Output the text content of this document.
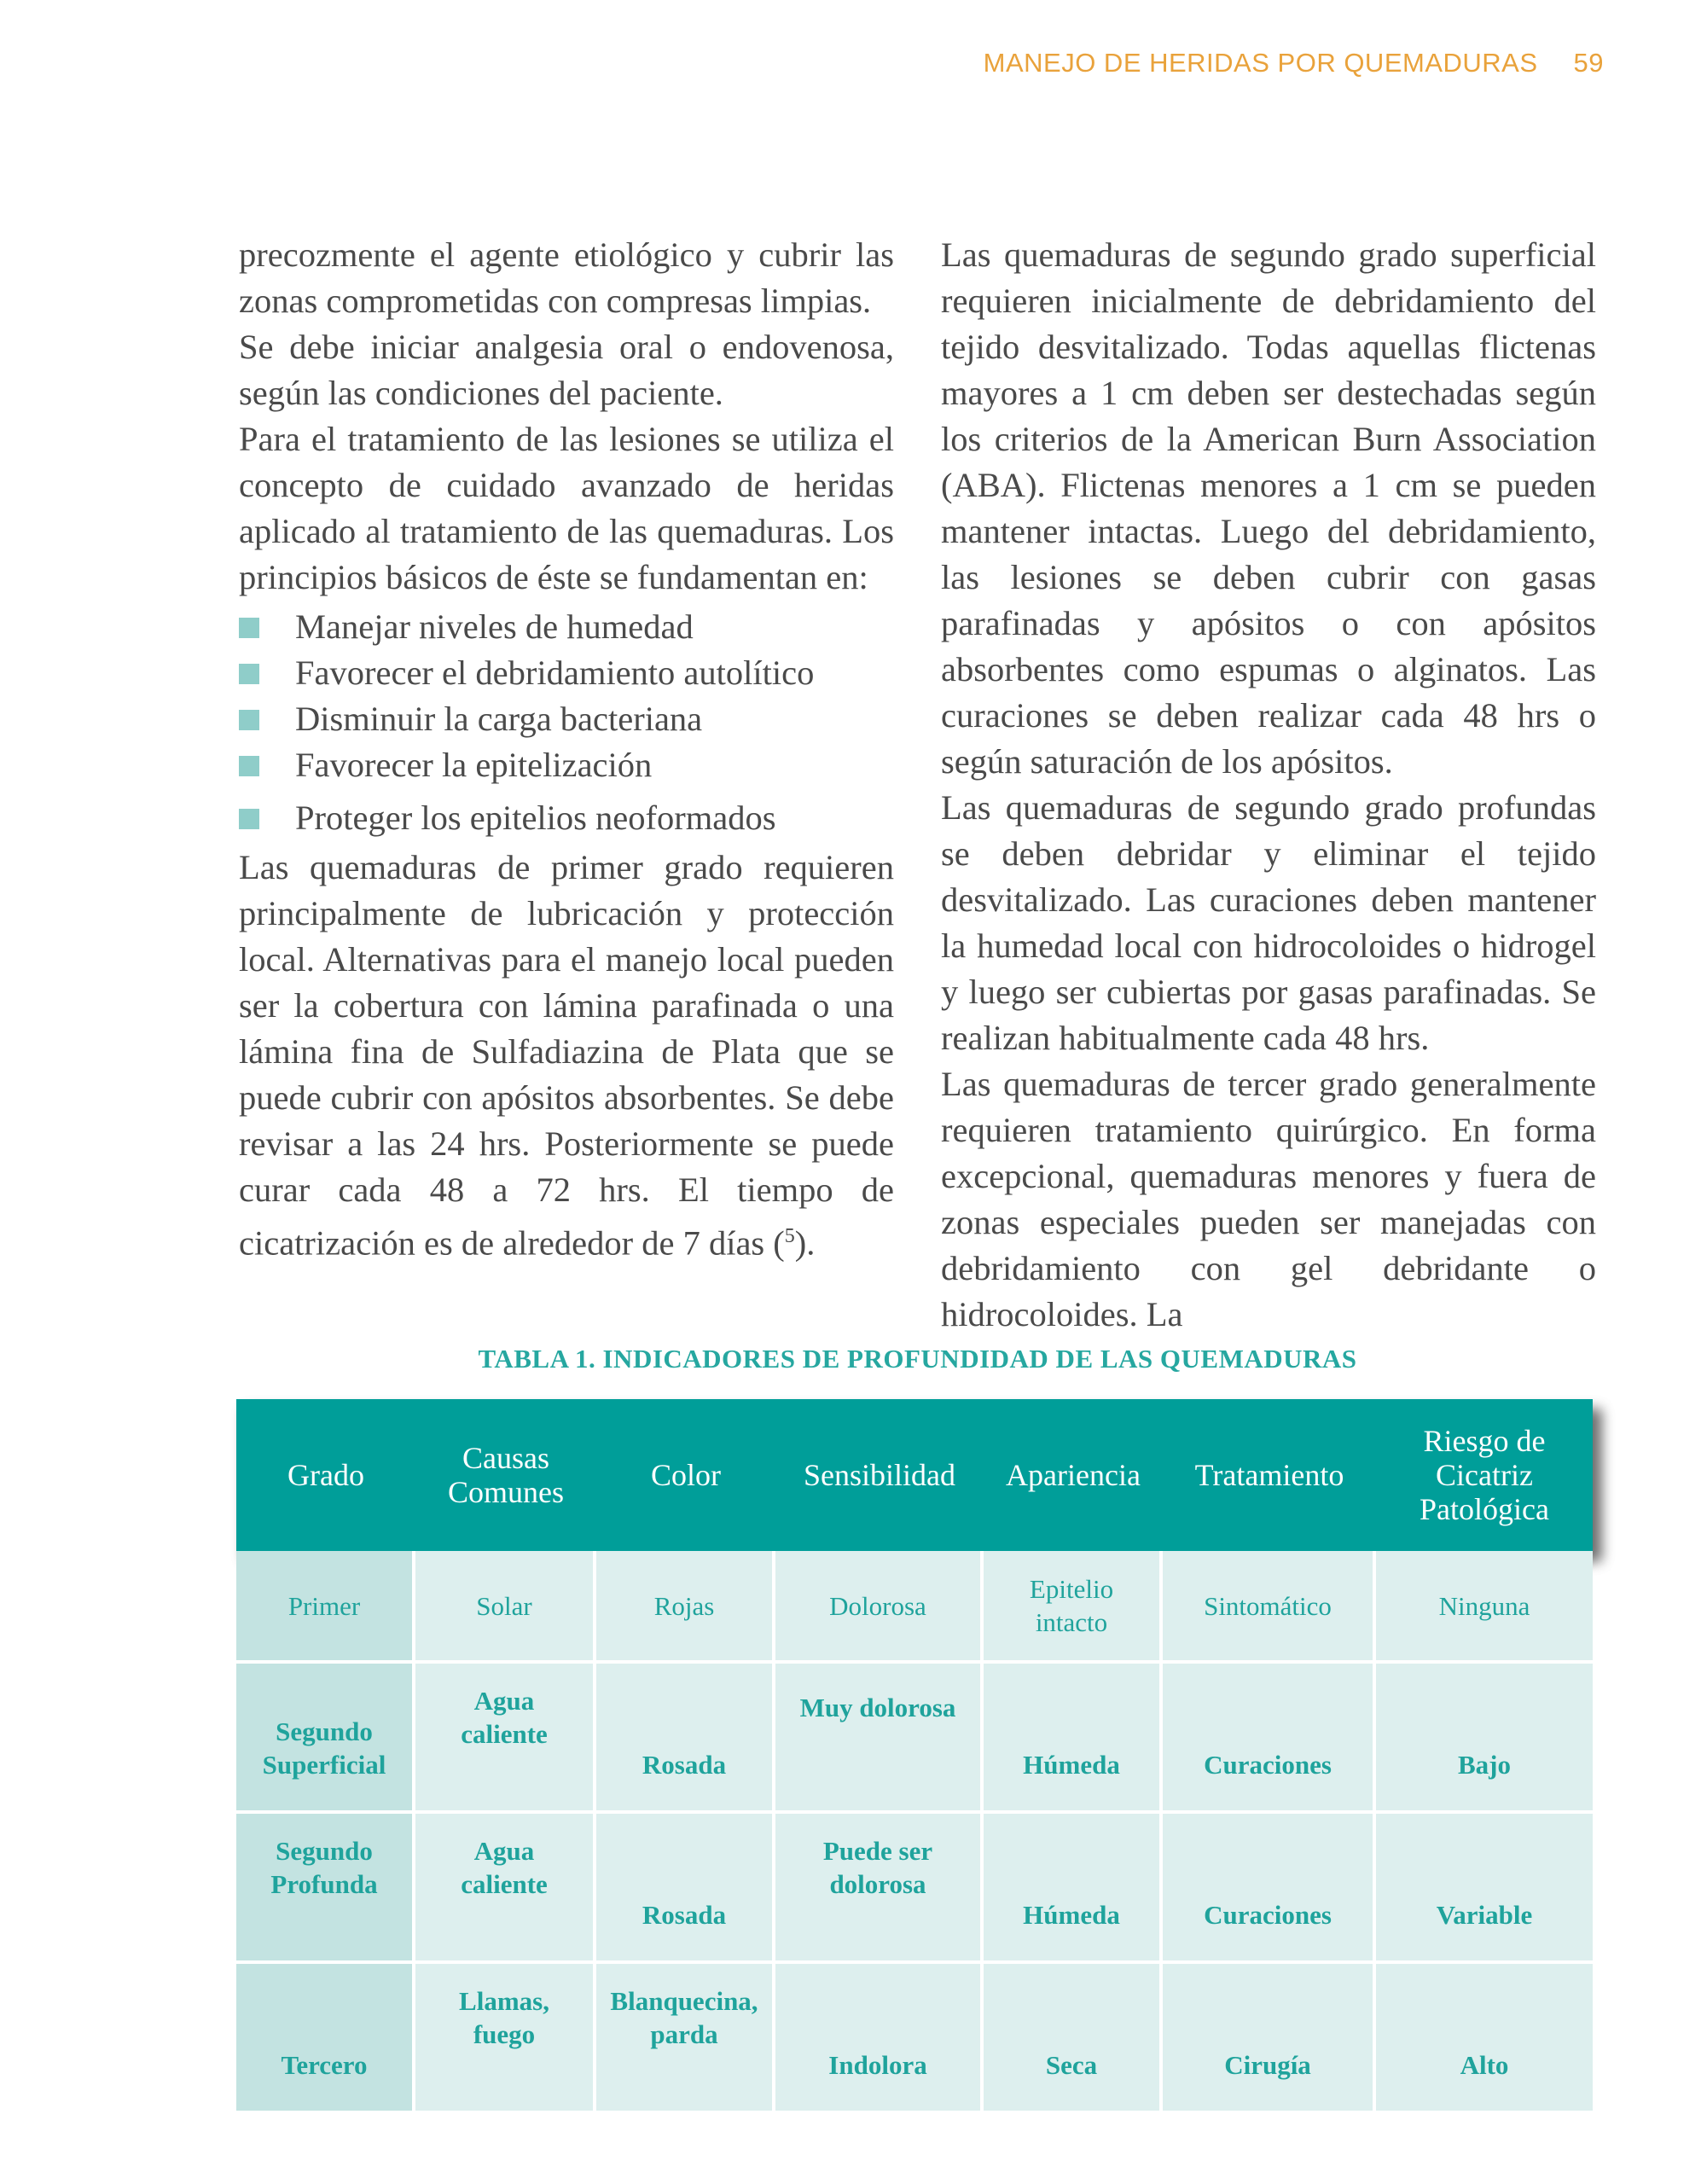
MANEJO DE HERIDAS POR QUEMADURAS 59

precozmente el agente etiológico y cubrir las zonas comprometidas con compresas limpias.

Se debe iniciar analgesia oral o endovenosa, según las condiciones del paciente.

Para el tratamiento de las lesiones se utiliza el concepto de cuidado avanzado de heridas aplicado al tratamiento de las quemaduras. Los principios básicos de éste se fundamentan en:

Manejar niveles de humedad
Favorecer el debridamiento autolítico
Disminuir la carga bacteriana
Favorecer la epitelización
Proteger los epitelios neoformados

Las quemaduras de primer grado requieren principalmente de lubricación y protección local. Alternativas para el manejo local pueden ser la cobertura con lámina parafinada o una lámina fina de Sulfadiazina de Plata que se puede cubrir con apósitos absorbentes. Se debe revisar a las 24 hrs. Posteriormente se puede curar cada 48 a 72 hrs. El tiempo de cicatrización es de alrededor de 7 días ($^5$).

Las quemaduras de segundo grado superficial requieren inicialmente de debridamiento del tejido desvitalizado. Todas aquellas flictenas mayores a 1 cm deben ser destechadas según los criterios de la American Burn Association (ABA). Flictenas menores a 1 cm se pueden mantener intactas. Luego del debridamiento, las lesiones se deben cubrir con gasas parafinadas y apósitos o con apósitos absorbentes como espumas o alginatos. Las curaciones se deben realizar cada 48 hrs o según saturación de los apósitos.

Las quemaduras de segundo grado profundas se deben debridar y eliminar el tejido desvitalizado. Las curaciones deben mantener la humedad local con hidrocoloides o hidrogel y luego ser cubiertas por gasas parafinadas. Se realizan habitualmente cada 48 hrs.

Las quemaduras de tercer grado generalmente requieren tratamiento quirúrgico. En forma excepcional, quemaduras menores y fuera de zonas especiales pueden ser manejadas con debridamiento con gel debridante o hidrocoloides. La

TABLA 1. INDICADORES DE PROFUNDIDAD DE LAS QUEMADURAS
Grado	Causas Comunes	Color	Sensibilidad	Apariencia	Tratamiento	Riesgo de Cicatriz Patológica
Primer	Solar	Rojas	Dolorosa	Epitelio intacto	Sintomático	Ninguna
Segundo Superficial	Agua caliente	Rosada	Muy dolorosa	Húmeda	Curaciones	Bajo
Segundo Profunda	Agua caliente	Rosada	Puede ser dolorosa	Húmeda	Curaciones	Variable
Tercero	Llamas, fuego	Blanquecina, parda	Indolora	Seca	Cirugía	Alto
